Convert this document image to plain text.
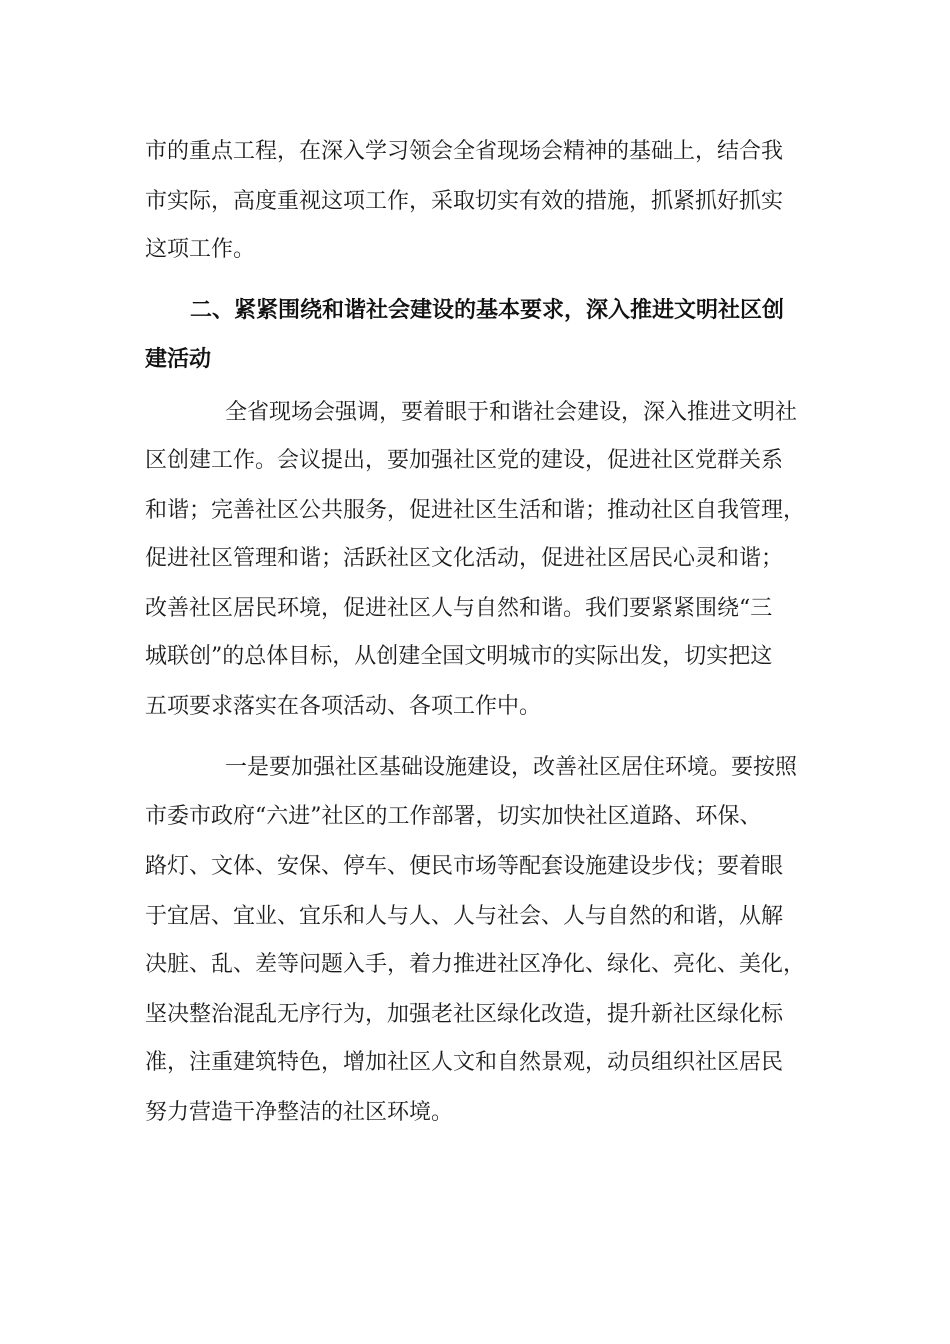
市的重点工程，在深入学习领会全省现场会精神的基础上，结合我
市实际，高度重视这项工作，采取切实有效的措施，抓紧抓好抓实
这项工作。
二、紧紧围绕和谐社会建设的基本要求，深入推进文明社区创
建活动
全省现场会强调，要着眼于和谐社会建设，深入推进文明社
区创建工作。会议提出，要加强社区党的建设，促进社区党群关系
和谐；完善社区公共服务，促进社区生活和谐；推动社区自我管理，
促进社区管理和谐；活跃社区文化活动，促进社区居民心灵和谐；
改善社区居民环境，促进社区人与自然和谐。我们要紧紧围绕“三
城联创”的总体目标，从创建全国文明城市的实际出发，切实把这
五项要求落实在各项活动、各项工作中。
一是要加强社区基础设施建设，改善社区居住环境。要按照
市委市政府“六进”社区的工作部署，切实加快社区道路、环保、
路灯、文体、安保、停车、便民市场等配套设施建设步伐；要着眼
于宜居、宜业、宜乐和人与人、人与社会、人与自然的和谐，从解
决脏、乱、差等问题入手，着力推进社区净化、绿化、亮化、美化，
坚决整治混乱无序行为，加强老社区绿化改造，提升新社区绿化标
准，注重建筑特色，增加社区人文和自然景观，动员组织社区居民
努力营造干净整洁的社区环境。
